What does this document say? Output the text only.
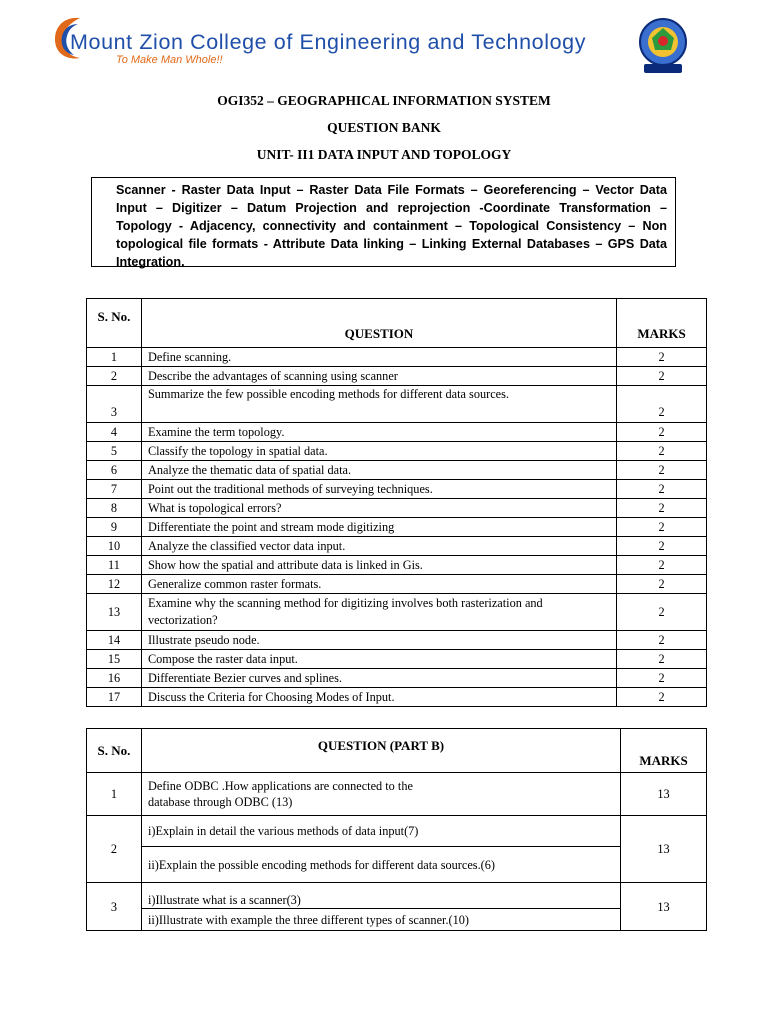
Mount Zion College of Engineering and Technology
To Make Man Whole!!
OGI352 – GEOGRAPHICAL INFORMATION SYSTEM
QUESTION BANK
UNIT- II1 DATA INPUT AND TOPOLOGY
Scanner - Raster Data Input – Raster Data File Formats – Georeferencing – Vector Data Input – Digitizer – Datum Projection and reprojection -Coordinate Transformation – Topology - Adjacency, connectivity and containment – Topological Consistency – Non topological file formats - Attribute Data linking – Linking External Databases – GPS Data Integration.
S. No.	QUESTION	MARKS
1	Define scanning.	2
2	Describe the advantages of scanning using scanner	2
3	Summarize the few possible encoding methods for different data sources.	2
4	Examine the term topology.	2
5	Classify the topology in spatial data.	2
6	Analyze the thematic data of spatial data.	2
7	Point out the traditional methods of surveying techniques.	2
8	What is topological errors?	2
9	Differentiate the point and stream mode digitizing	2
10	Analyze the classified vector data input.	2
11	Show how the spatial and attribute data is linked in Gis.	2
12	Generalize common raster formats.	2
13	Examine why the scanning method for digitizing involves both rasterization and vectorization?	2
14	Illustrate pseudo node.	2
15	Compose the raster data input.	2
16	Differentiate Bezier curves and splines.	2
17	Discuss the Criteria for Choosing Modes of Input.	2
S. No.	QUESTION (PART B)	MARKS
1	Define ODBC .How applications are connected to the
database through ODBC (13)	13
2	i)Explain in detail the various methods of data input(7)	13
	ii)Explain the possible encoding methods for different data sources.(6)	
3	i)Illustrate what is a scanner(3)	13
	ii)Illustrate with example the three different types of scanner.(10)	
